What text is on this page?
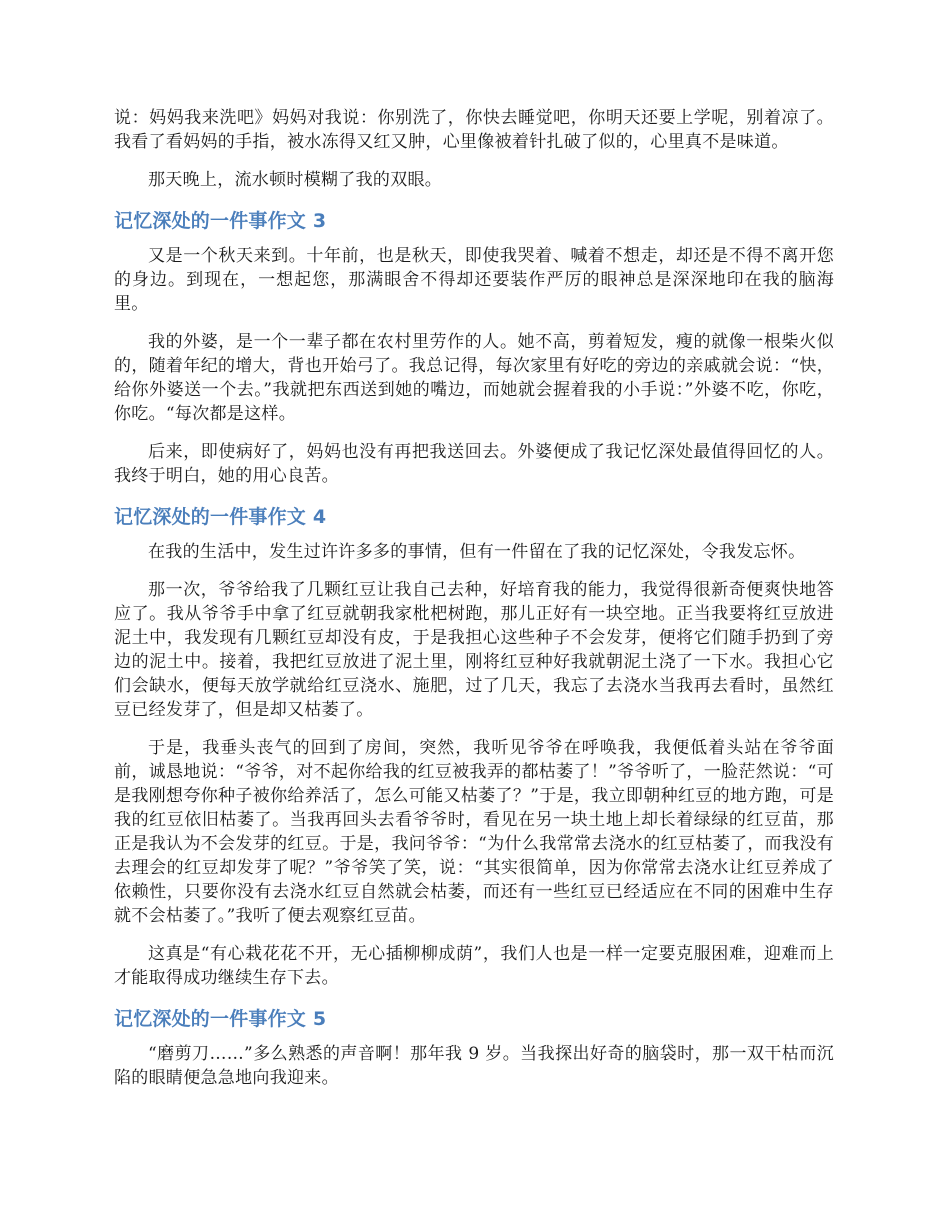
说：妈妈我来洗吧》妈妈对我说：你别洗了，你快去睡觉吧，你明天还要上学呢，别着凉了。我看了看妈妈的手指，被水冻得又红又肿，心里像被着针扎破了似的，心里真不是味道。

那天晚上，流水顿时模糊了我的双眼。

记忆深处的一件事作文 3

又是一个秋天来到。十年前，也是秋天，即使我哭着、喊着不想走，却还是不得不离开您的身边。到现在，一想起您，那满眼舍不得却还要装作严厉的眼神总是深深地印在我的脑海里。

我的外婆，是一个一辈子都在农村里劳作的人。她不高，剪着短发，瘦的就像一根柴火似的，随着年纪的增大，背也开始弓了。我总记得，每次家里有好吃的旁边的亲戚就会说：“快，给你外婆送一个去。”我就把东西送到她的嘴边，而她就会握着我的小手说：”外婆不吃，你吃，你吃。“每次都是这样。

后来，即使病好了，妈妈也没有再把我送回去。外婆便成了我记忆深处最值得回忆的人。我终于明白，她的用心良苦。

记忆深处的一件事作文 4

在我的生活中，发生过许许多多的事情，但有一件留在了我的记忆深处，令我发忘怀。

那一次，爷爷给我了几颗红豆让我自己去种，好培育我的能力，我觉得很新奇便爽快地答应了。我从爷爷手中拿了红豆就朝我家枇杷树跑，那儿正好有一块空地。正当我要将红豆放进泥土中，我发现有几颗红豆却没有皮，于是我担心这些种子不会发芽，便将它们随手扔到了旁边的泥土中。接着，我把红豆放进了泥土里，刚将红豆种好我就朝泥土浇了一下水。我担心它们会缺水，便每天放学就给红豆浇水、施肥，过了几天，我忘了去浇水当我再去看时，虽然红豆已经发芽了，但是却又枯萎了。

于是，我垂头丧气的回到了房间，突然，我听见爷爷在呼唤我，我便低着头站在爷爷面前，诚恳地说：“爷爷，对不起你给我的红豆被我弄的都枯萎了！”爷爷听了，一脸茫然说：“可是我刚想夸你种子被你给养活了，怎么可能又枯萎了？”于是，我立即朝种红豆的地方跑，可是我的红豆依旧枯萎了。当我再回头去看爷爷时，看见在另一块土地上却长着绿绿的红豆苗，那正是我认为不会发芽的红豆。于是，我问爷爷：“为什么我常常去浇水的红豆枯萎了，而我没有去理会的红豆却发芽了呢？”爷爷笑了笑，说：“其实很简单，因为你常常去浇水让红豆养成了依赖性，只要你没有去浇水红豆自然就会枯萎，而还有一些红豆已经适应在不同的困难中生存就不会枯萎了。”我听了便去观察红豆苗。

这真是“有心栽花花不开，无心插柳柳成荫”，我们人也是一样一定要克服困难，迎难而上才能取得成功继续生存下去。

记忆深处的一件事作文 5

“磨剪刀……”多么熟悉的声音啊！那年我 9 岁。当我探出好奇的脑袋时，那一双干枯而沉陷的眼睛便急急地向我迎来。
